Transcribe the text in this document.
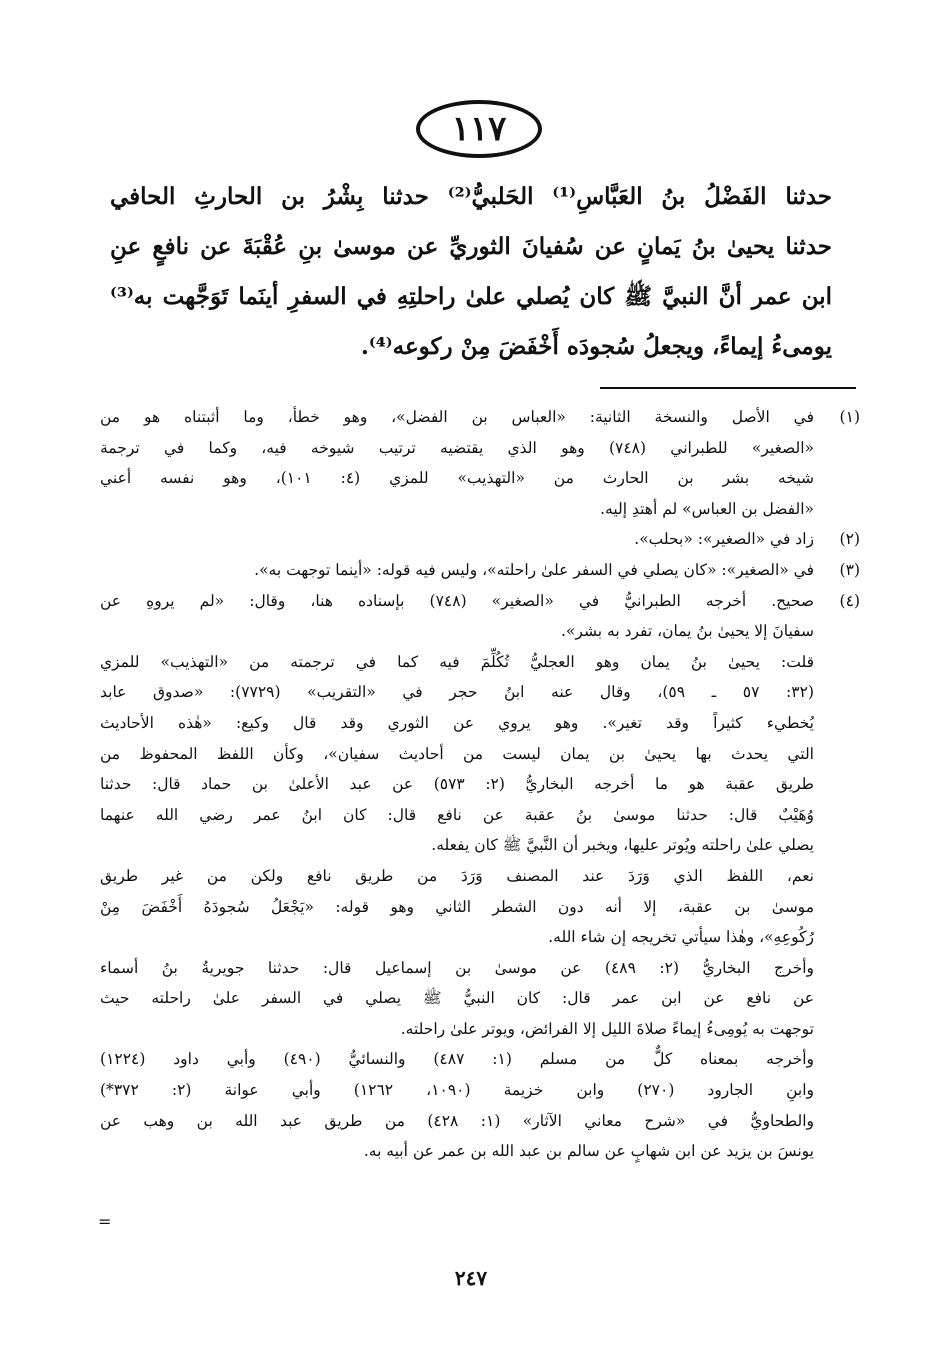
١١٧
حدثنا الفَضْلُ بنُ العَبَّاسِ⁽¹⁾ الحَلبيُّ⁽²⁾ حدثنا بِشْرُ بن الحارثِ الحافي
حدثنا يحيىٰ بنُ يَمانٍ عن سُفيانَ الثوريِّ عن موسىٰ بنِ عُقْبَةَ عن نافعٍ عنِ
ابن عمر أنَّ النبيَّ ﷺ كان يُصلي علىٰ راحلتِهِ في السفرِ أينَما تَوَجَّهت به⁽³⁾
يومىءُ إيماءً، ويجعلُ سُجودَه أَخْفَضَ مِنْ ركوعه⁽⁴⁾.
(١)
في الأصل والنسخة الثانية: «العباس بن الفضل»، وهو خطأ، وما أثبتناه هو من
«الصغير» للطبراني (٧٤٨) وهو الذي يقتضيه ترتيب شيوخه فيه، وكما في ترجمة
شيخه بشر بن الحارث من «التهذيب» للمزي (٤: ١٠١)، وهو نفسه أعني
«الفضل بن العباس» لم أهتدِ إليه.
(٢)
زاد في «الصغير»: «بحلب».
(٣)
في «الصغير»: «كان يصلي في السفر علىٰ راحلته»، وليس فيه قوله: «أينما توجهت به».
(٤)
صحيح. أخرجه الطبرانيُّ في «الصغير» (٧٤٨) بإسناده هنا، وقال: «لم يروهِ عن
سفيانَ إلا يحيىٰ بنُ يمان، تفرد به بشر».
قلت: يحيىٰ بنُ يمان وهو العجليُّ تُكُلِّمَ فيه كما في ترجمته من «التهذيب» للمزي
(٣٢: ٥٧ ـ ٥٩)، وقال عنه ابنُ حجر في «التقريب» (٧٧٢٩): «صدوق عابد
يُخطيء كثيراً وقد تغير». وهو يروي عن الثوري وقد قال وكيع: «هٰذه الأحاديث
التي يحدث بها يحيىٰ بن يمان ليست من أحاديث سفيان»، وكأن اللفظ المحفوظ من
طريق عقبة هو ما أخرجه البخاريُّ (٢: ٥٧٣) عن عبد الأعلىٰ بن حماد قال: حدثنا
وُهَيْبٌ قال: حدثنا موسىٰ بنُ عقبة عن نافع قال: كان ابنُ عمر رضي الله عنهما
يصلي علىٰ راحلته ويُوتر عليها، ويخبر أن النَّبيَّ ﷺ كان يفعله.
نعم، اللفظ الذي وَرَدَ عند المصنف وَرَدَ من طريق نافع ولكن من غير طريق
موسىٰ بن عقبة، إلا أنه دون الشطر الثاني وهو قوله: «يَجْعَلُ سُجودَهُ أَخْفَضَ مِنْ
رُكُوعِهِ»، وهٰذا سيأتي تخريجه إن شاء الله.
وأخرج البخاريُّ (٢: ٤٨٩) عن موسىٰ بن إسماعيل قال: حدثنا جويريةُ بنُ أسماء
عن نافع عن ابن عمر قال: كان النبيُّ ﷺ يصلي في السفر علىٰ راحلته حيث
توجهت به يُومِىءُ إيماءً صلاةَ الليل إلا الفرائض، ويوتر علىٰ راحلته.
وأخرجه بمعناه كلٌّ من مسلم (١: ٤٨٧) والنسائيُّ (٤٩٠) وأبي داود (١٢٢٤)
وابنِ الجارود (٢٧٠) وابن خزيمة (١٠٩٠، ١٢٦٢) وأبي عوانة (٢: ٣٧٢*)
والطحاويُّ في «شرح معاني الآثار» (١: ٤٢٨) من طريق عبد الله بن وهب عن
يونسَ بن يزيد عن ابن شهابٍ عن سالم بن عبد الله بن عمر عن أبيه به.
=
٢٤٧
